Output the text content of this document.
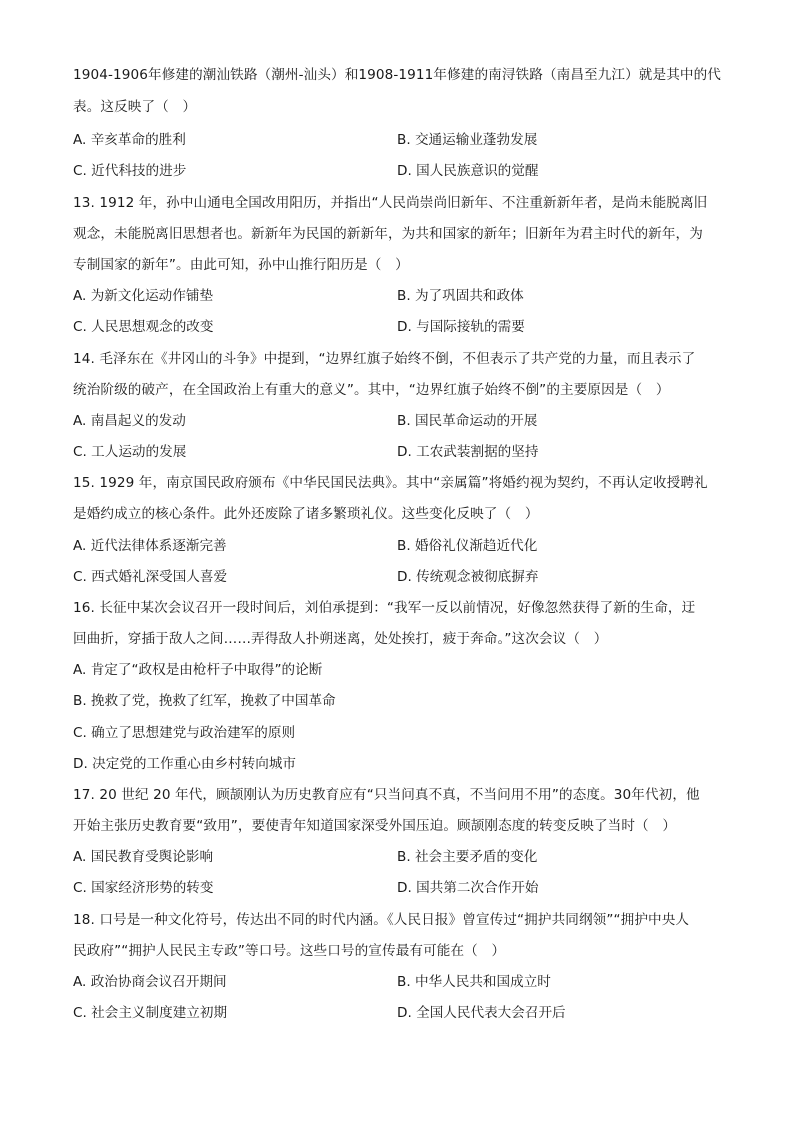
1904-1906年修建的潮汕铁路（潮州-汕头）和1908-1911年修建的南浔铁路（南昌至九江）就是其中的代
表。这反映了（　）
A. 辛亥革命的胜利	B. 交通运输业蓬勃发展
C. 近代科技的进步	D. 国人民族意识的觉醒
13. 1912 年，孙中山通电全国改用阳历，并指出“人民尚崇尚旧新年、不注重新新年者，是尚未能脱离旧
观念，未能脱离旧思想者也。新新年为民国的新新年，为共和国家的新年；旧新年为君主时代的新年，为
专制国家的新年”。由此可知，孙中山推行阳历是（　）
A. 为新文化运动作铺垫	B. 为了巩固共和政体
C. 人民思想观念的改变	D. 与国际接轨的需要
14. 毛泽东在《井冈山的斗争》中提到，“边界红旗子始终不倒，不但表示了共产党的力量，而且表示了
统治阶级的破产，在全国政治上有重大的意义”。其中，“边界红旗子始终不倒”的主要原因是（　）
A. 南昌起义的发动	B. 国民革命运动的开展
C. 工人运动的发展	D. 工农武装割据的坚持
15. 1929 年，南京国民政府颁布《中华民国民法典》。其中“亲属篇”将婚约视为契约，不再认定收授聘礼
是婚约成立的核心条件。此外还废除了诸多繁琐礼仪。这些变化反映了（　）
A. 近代法律体系逐渐完善	B. 婚俗礼仪渐趋近代化
C. 西式婚礼深受国人喜爱	D. 传统观念被彻底摒弃
16. 长征中某次会议召开一段时间后，刘伯承提到：“我军一反以前情况，好像忽然获得了新的生命，迂
回曲折，穿插于敌人之间……弄得敌人扑朔迷离，处处挨打，疲于奔命。”这次会议（　）
A. 肯定了“政权是由枪杆子中取得”的论断
B. 挽救了党，挽救了红军，挽救了中国革命
C. 确立了思想建党与政治建军的原则
D. 决定党的工作重心由乡村转向城市
17. 20 世纪 20 年代，顾颉刚认为历史教育应有“只当问真不真，不当问用不用”的态度。30年代初，他
开始主张历史教育要“致用”，要使青年知道国家深受外国压迫。顾颉刚态度的转变反映了当时（　）
A. 国民教育受舆论影响	B. 社会主要矛盾的变化
C. 国家经济形势的转变	D. 国共第二次合作开始
18. 口号是一种文化符号，传达出不同的时代内涵。《人民日报》曾宣传过“拥护共同纲领”“拥护中央人
民政府”“拥护人民民主专政”等口号。这些口号的宣传最有可能在（　）
A. 政治协商会议召开期间	B. 中华人民共和国成立时
C. 社会主义制度建立初期	D. 全国人民代表大会召开后
